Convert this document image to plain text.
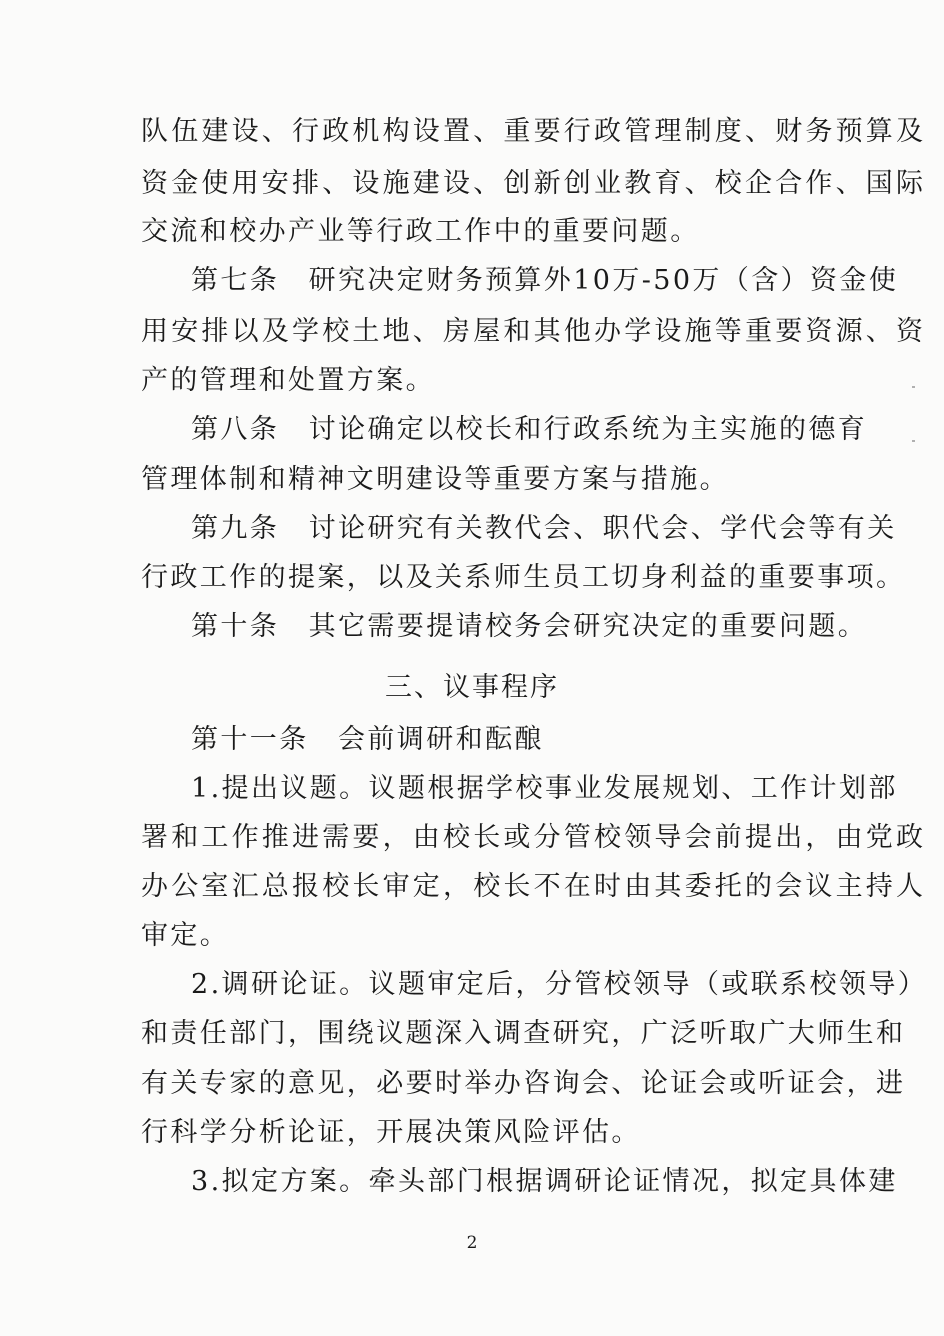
队伍建设、行政机构设置、重要行政管理制度、财务预算及
资金使用安排、设施建设、创新创业教育、校企合作、国际
交流和校办产业等行政工作中的重要问题。
第七条　研究决定财务预算外10万-50万（含）资金使
用安排以及学校土地、房屋和其他办学设施等重要资源、资
产的管理和处置方案。
第八条　讨论确定以校长和行政系统为主实施的德育
管理体制和精神文明建设等重要方案与措施。
第九条　讨论研究有关教代会、职代会、学代会等有关
行政工作的提案，以及关系师生员工切身利益的重要事项。
第十条　其它需要提请校务会研究决定的重要问题。
三、议事程序
第十一条　会前调研和酝酿
1.提出议题。议题根据学校事业发展规划、工作计划部
署和工作推进需要，由校长或分管校领导会前提出，由党政
办公室汇总报校长审定，校长不在时由其委托的会议主持人
审定。
2.调研论证。议题审定后，分管校领导（或联系校领导）
和责任部门，围绕议题深入调查研究，广泛听取广大师生和
有关专家的意见，必要时举办咨询会、论证会或听证会，进
行科学分析论证，开展决策风险评估。
3.拟定方案。牵头部门根据调研论证情况，拟定具体建
2
